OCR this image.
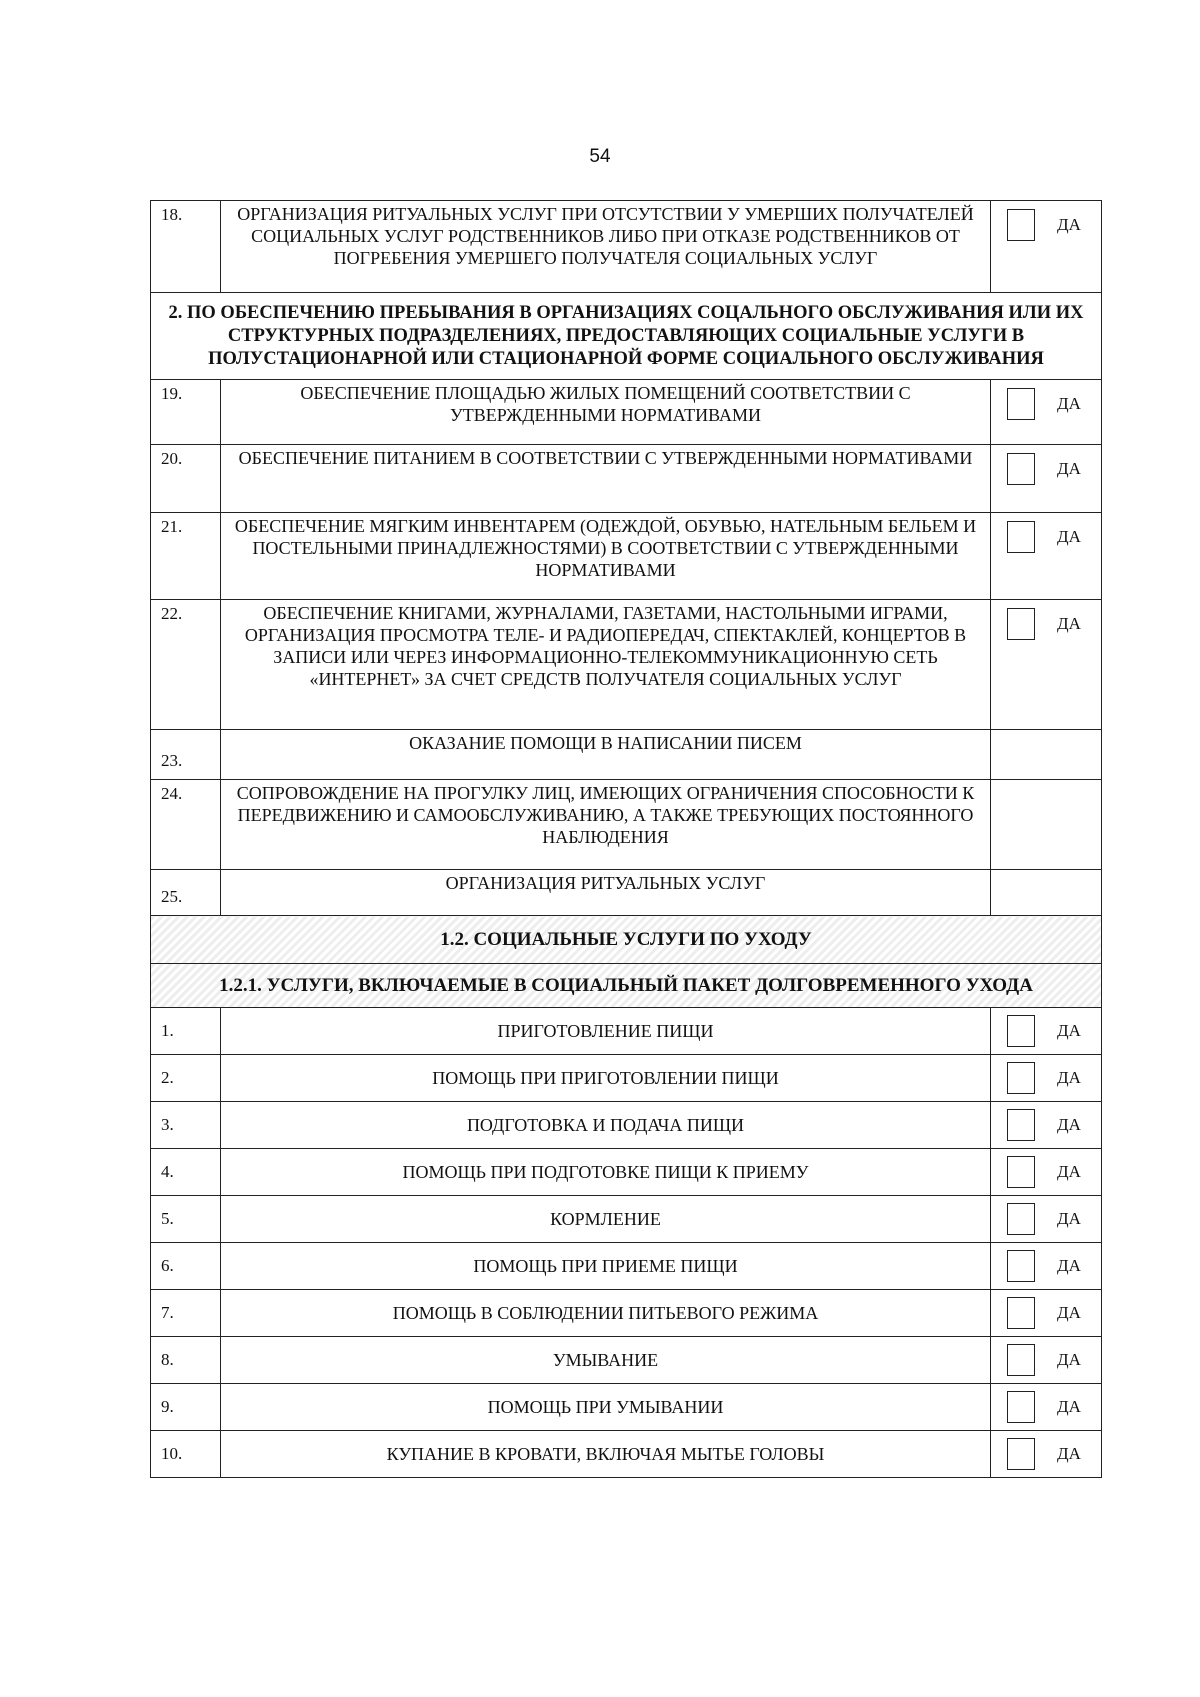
54
18.	ОРГАНИЗАЦИЯ РИТУАЛЬНЫХ УСЛУГ ПРИ ОТСУТСТВИИ У УМЕРШИХ ПОЛУЧАТЕЛЕЙ СОЦИАЛЬНЫХ УСЛУГ РОДСТВЕННИКОВ ЛИБО ПРИ ОТКАЗЕ РОДСТВЕННИКОВ ОТ ПОГРЕБЕНИЯ УМЕРШЕГО ПОЛУЧАТЕЛЯ СОЦИАЛЬНЫХ УСЛУГ	ДА

2. ПО ОБЕСПЕЧЕНИЮ ПРЕБЫВАНИЯ В ОРГАНИЗАЦИЯХ СОЦАЛЬНОГО ОБСЛУЖИВАНИЯ ИЛИ ИХ СТРУКТУРНЫХ ПОДРАЗДЕЛЕНИЯХ, ПРЕДОСТАВЛЯЮЩИХ СОЦИАЛЬНЫЕ УСЛУГИ В ПОЛУСТАЦИОНАРНОЙ ИЛИ СТАЦИОНАРНОЙ ФОРМЕ СОЦИАЛЬНОГО ОБСЛУЖИВАНИЯ		
19.	ОБЕСПЕЧЕНИЕ ПЛОЩАДЬЮ ЖИЛЫХ ПОМЕЩЕНИЙ СООТВЕТСТВИИ С УТВЕРЖДЕННЫМИ НОРМАТИВАМИ	ДА

20.	ОБЕСПЕЧЕНИЕ ПИТАНИЕМ В СООТВЕТСТВИИ С УТВЕРЖДЕННЫМИ НОРМАТИВАМИ	ДА

21.	ОБЕСПЕЧЕНИЕ МЯГКИМ ИНВЕНТАРЕМ (ОДЕЖДОЙ, ОБУВЬЮ, НАТЕЛЬНЫМ БЕЛЬЕМ И ПОСТЕЛЬНЫМИ ПРИНАДЛЕЖНОСТЯМИ) В СООТВЕТСТВИИ С УТВЕРЖДЕННЫМИ НОРМАТИВАМИ	ДА

22.	ОБЕСПЕЧЕНИЕ КНИГАМИ, ЖУРНАЛАМИ, ГАЗЕТАМИ, НАСТОЛЬНЫМИ ИГРАМИ, ОРГАНИЗАЦИЯ ПРОСМОТРА ТЕЛЕ- И РАДИОПЕРЕДАЧ, СПЕКТАКЛЕЙ, КОНЦЕРТОВ В ЗАПИСИ ИЛИ ЧЕРЕЗ ИНФОРМАЦИОННО-ТЕЛЕКОММУНИКАЦИОННУЮ СЕТЬ «ИНТЕРНЕТ» ЗА СЧЕТ СРЕДСТВ ПОЛУЧАТЕЛЯ СОЦИАЛЬНЫХ УСЛУГ	ДА

23.	ОКАЗАНИЕ ПОМОЩИ В НАПИСАНИИ ПИСЕМ	
24.	СОПРОВОЖДЕНИЕ НА ПРОГУЛКУ ЛИЦ, ИМЕЮЩИХ ОГРАНИЧЕНИЯ СПОСОБНОСТИ К ПЕРЕДВИЖЕНИЮ И САМООБСЛУЖИВАНИЮ, А ТАКЖЕ ТРЕБУЮЩИХ ПОСТОЯННОГО НАБЛЮДЕНИЯ	
25.	ОРГАНИЗАЦИЯ РИТУАЛЬНЫХ УСЛУГ	
1.2. СОЦИАЛЬНЫЕ УСЛУГИ ПО УХОДУ		
1.2.1. УСЛУГИ, ВКЛЮЧАЕМЫЕ В СОЦИАЛЬНЫЙ ПАКЕТ ДОЛГОВРЕМЕННОГО УХОДА		
1.	ПРИГОТОВЛЕНИЕ ПИЩИ	ДА

2.	ПОМОЩЬ ПРИ ПРИГОТОВЛЕНИИ ПИЩИ	ДА

3.	ПОДГОТОВКА И ПОДАЧА ПИЩИ	ДА

4.	ПОМОЩЬ ПРИ ПОДГОТОВКЕ ПИЩИ К ПРИЕМУ	ДА

5.	КОРМЛЕНИЕ	ДА

6.	ПОМОЩЬ ПРИ ПРИЕМЕ ПИЩИ	ДА

7.	ПОМОЩЬ В СОБЛЮДЕНИИ ПИТЬЕВОГО РЕЖИМА	ДА

8.	УМЫВАНИЕ	ДА

9.	ПОМОЩЬ ПРИ УМЫВАНИИ	ДА

10.	КУПАНИЕ В КРОВАТИ, ВКЛЮЧАЯ МЫТЬЕ ГОЛОВЫ	ДА
